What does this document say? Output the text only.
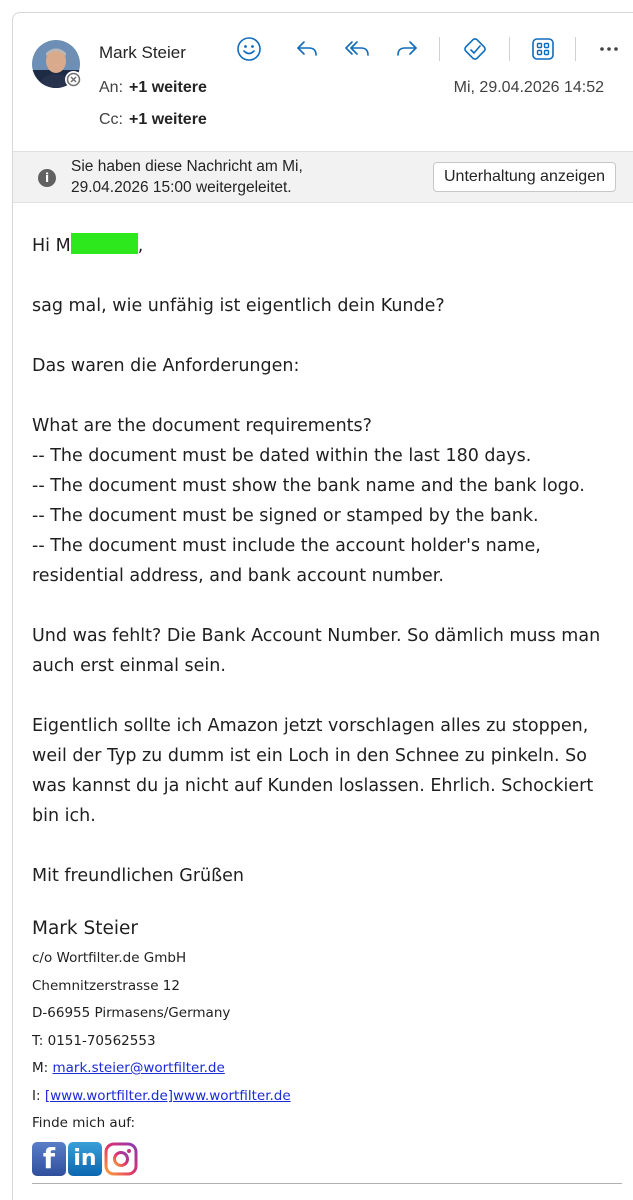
Mark Steier
An: +1 weitere
Cc: +1 weitere
Mi, 29.04.2026 14:52
i
Sie haben diese Nachricht am Mi,
29.04.2026 15:00 weitergeleitet.
Unterhaltung anzeigen

Hi M	,

sag mal, wie unfähig ist eigentlich dein Kunde?

Das waren die Anforderungen:

What are the document requirements?

-- The document must be dated within the last 180 days.

-- The document must show the bank name and the bank logo.

-- The document must be signed or stamped by the bank.

-- The document must include the account holder's name,

residential address, and bank account number.

Und was fehlt? Die Bank Account Number. So dämlich muss man

auch erst einmal sein.

Eigentlich sollte ich Amazon jetzt vorschlagen alles zu stoppen,

weil der Typ zu dumm ist ein Loch in den Schnee zu pinkeln. So

was kannst du ja nicht auf Kunden loslassen. Ehrlich. Schockiert

bin ich.

Mit freundlichen Grüßen

Mark Steier
c/o Wortfilter.de GmbH
Chemnitzerstrasse 12
D-66955 Pirmasens/Germany
T: 0151-70562553
M: mark.steier@wortfilter.de
I: [www.wortfilter.de]www.wortfilter.de
Finde mich auf:
f in
